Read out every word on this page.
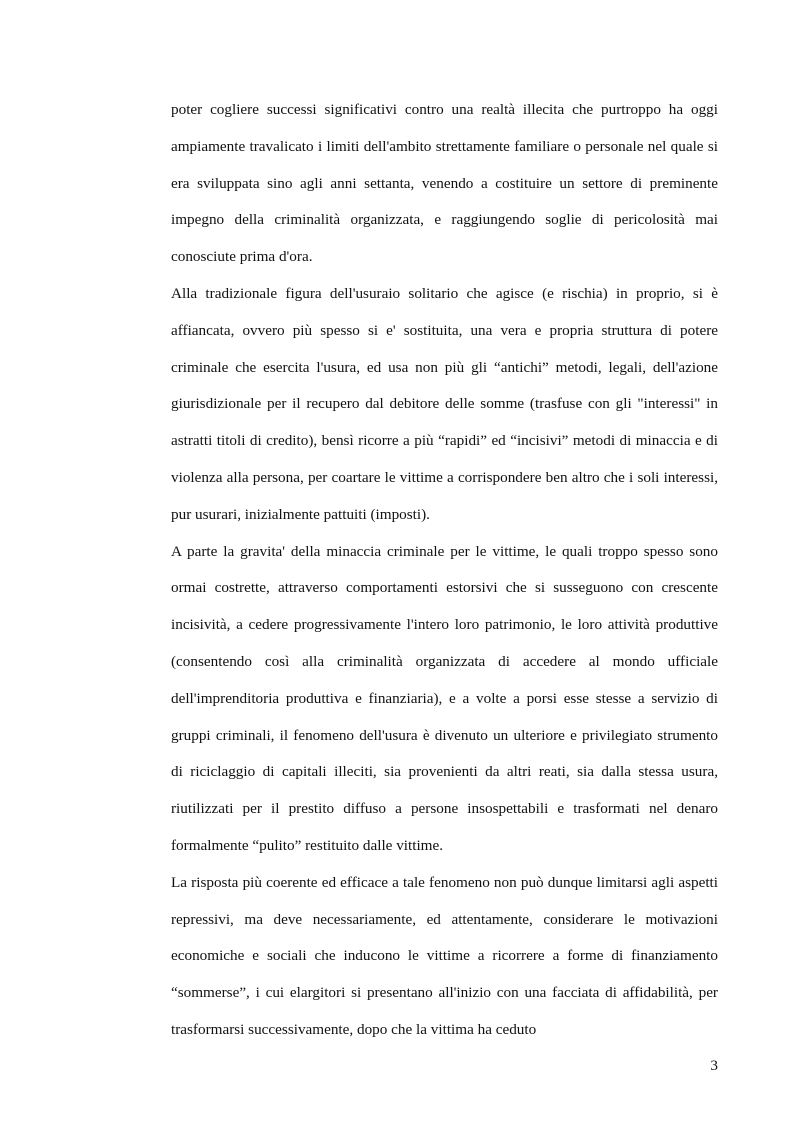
poter cogliere successi significativi contro una realtà illecita che purtroppo ha oggi ampiamente travalicato i limiti dell'ambito strettamente familiare o personale nel quale si era sviluppata sino agli anni settanta, venendo a costituire un settore di preminente impegno della criminalità organizzata, e raggiungendo soglie di pericolosità mai conosciute prima d'ora.

Alla tradizionale figura dell'usuraio solitario che agisce (e rischia) in proprio, si è affiancata, ovvero più spesso si e' sostituita, una vera e propria struttura di potere criminale che esercita l'usura, ed usa non più gli “antichi” metodi, legali, dell'azione giurisdizionale per il recupero dal debitore delle somme (trasfuse con gli "interessi" in astratti titoli di credito), bensì ricorre a più “rapidi” ed “incisivi” metodi di minaccia e di violenza alla persona, per coartare le vittime a corrispondere ben altro che i soli interessi, pur usurari, inizialmente pattuiti (imposti).

A parte la gravita' della minaccia criminale per le vittime, le quali troppo spesso sono ormai costrette, attraverso comportamenti estorsivi che si susseguono con crescente incisività, a cedere progressivamente l'intero loro patrimonio, le loro attività produttive (consentendo così alla criminalità organizzata di accedere al mondo ufficiale dell'imprenditoria produttiva e finanziaria), e a volte a porsi esse stesse a servizio di gruppi criminali, il fenomeno dell'usura è divenuto un ulteriore e privilegiato strumento di riciclaggio di capitali illeciti, sia provenienti da altri reati, sia dalla stessa usura, riutilizzati per il prestito diffuso a persone insospettabili e trasformati nel denaro formalmente “pulito” restituito dalle vittime.

La risposta più coerente ed efficace a tale fenomeno non può dunque limitarsi agli aspetti repressivi, ma deve necessariamente, ed attentamente, considerare le motivazioni economiche e sociali che inducono le vittime a ricorrere a forme di finanziamento “sommerse”, i cui elargitori si presentano all'inizio con una facciata di affidabilità, per trasformarsi successivamente, dopo che la vittima ha ceduto

3
